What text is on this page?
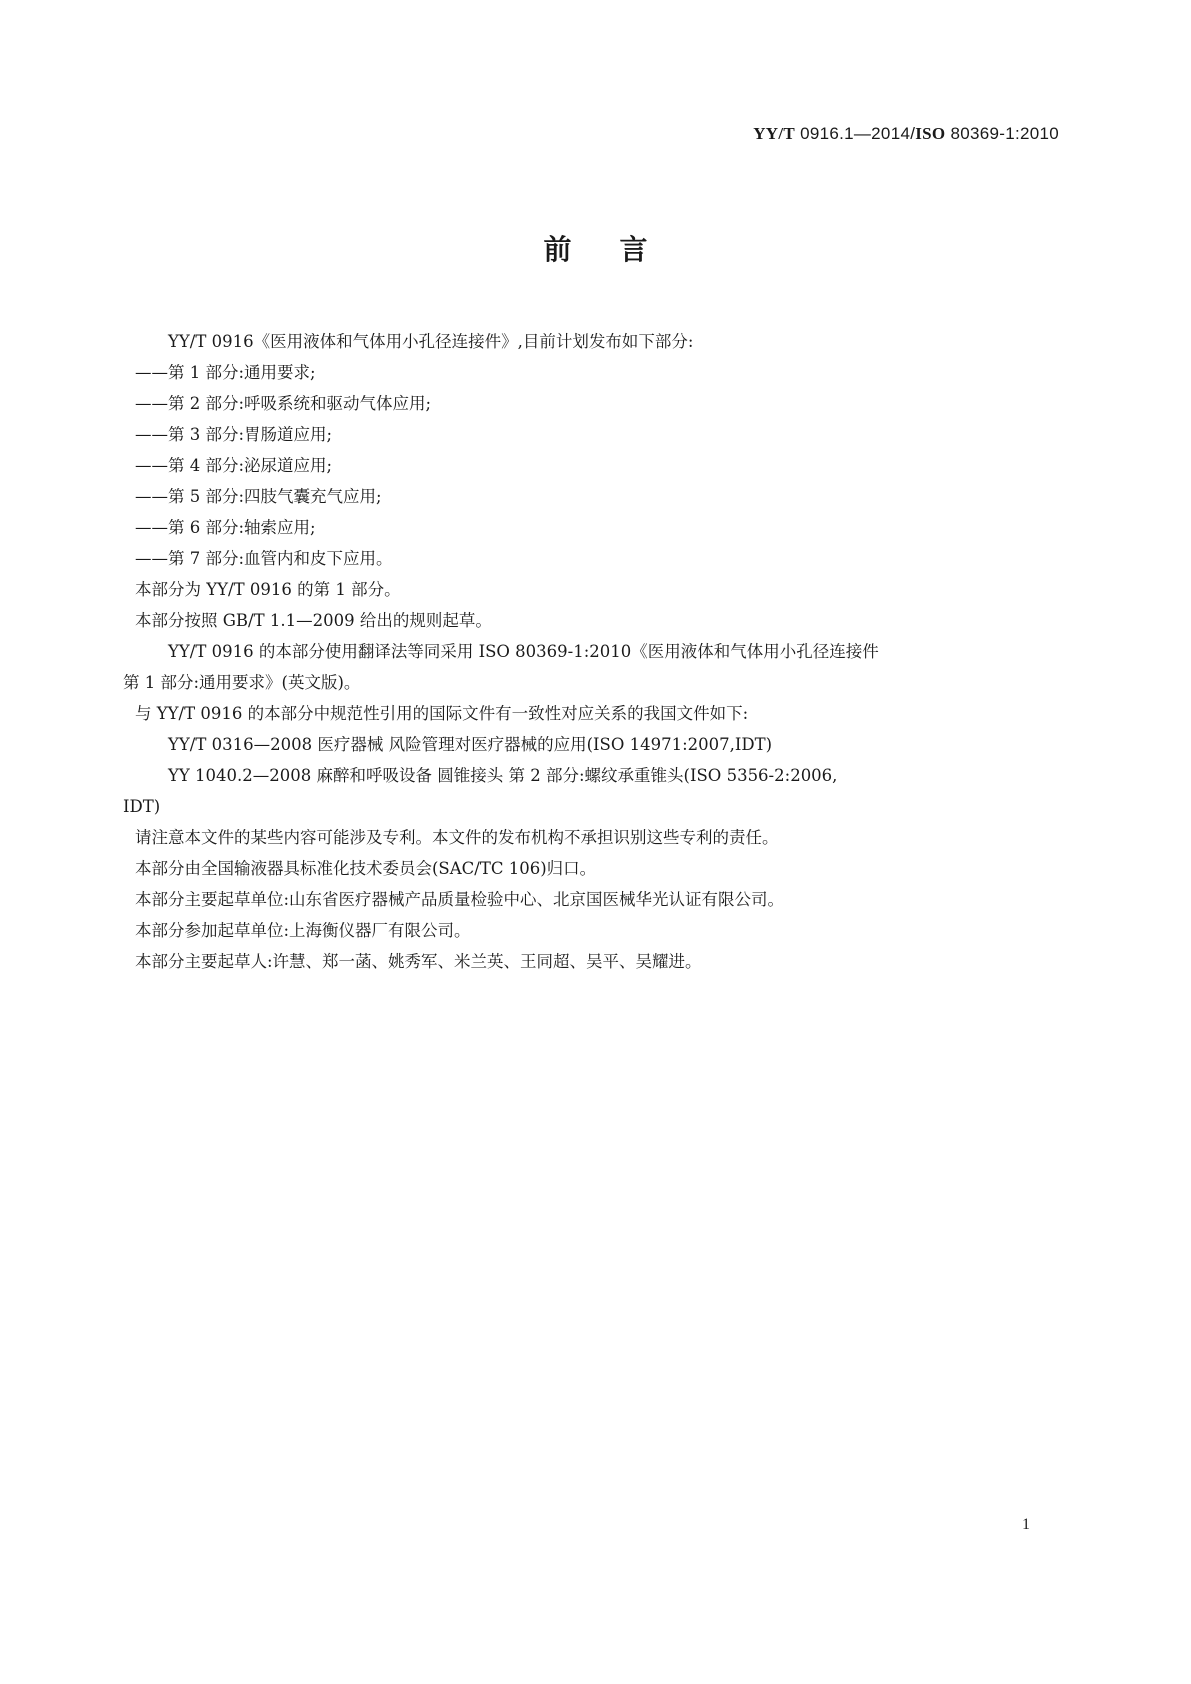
YY/T 0916.1—2014/ISO 80369-1:2010
前言
YY/T 0916《医用液体和气体用小孔径连接件》,目前计划发布如下部分:
——第 1 部分:通用要求;
——第 2 部分:呼吸系统和驱动气体应用;
——第 3 部分:胃肠道应用;
——第 4 部分:泌尿道应用;
——第 5 部分:四肢气囊充气应用;
——第 6 部分:轴索应用;
——第 7 部分:血管内和皮下应用。
本部分为 YY/T 0916 的第 1 部分。
本部分按照 GB/T 1.1—2009 给出的规则起草。
YY/T 0916 的本部分使用翻译法等同采用 ISO 80369-1:2010《医用液体和气体用小孔径连接件
第 1 部分:通用要求》(英文版)。
与 YY/T 0916 的本部分中规范性引用的国际文件有一致性对应关系的我国文件如下:
YY/T 0316—2008 医疗器械 风险管理对医疗器械的应用(ISO 14971:2007,IDT)
YY 1040.2—2008 麻醉和呼吸设备 圆锥接头 第 2 部分:螺纹承重锥头(ISO 5356-2:2006,
IDT)
请注意本文件的某些内容可能涉及专利。本文件的发布机构不承担识别这些专利的责任。
本部分由全国输液器具标准化技术委员会(SAC/TC 106)归口。
本部分主要起草单位:山东省医疗器械产品质量检验中心、北京国医械华光认证有限公司。
本部分参加起草单位:上海衡仪器厂有限公司。
本部分主要起草人:许慧、郑一菡、姚秀军、米兰英、王同超、吴平、吴耀进。
1
